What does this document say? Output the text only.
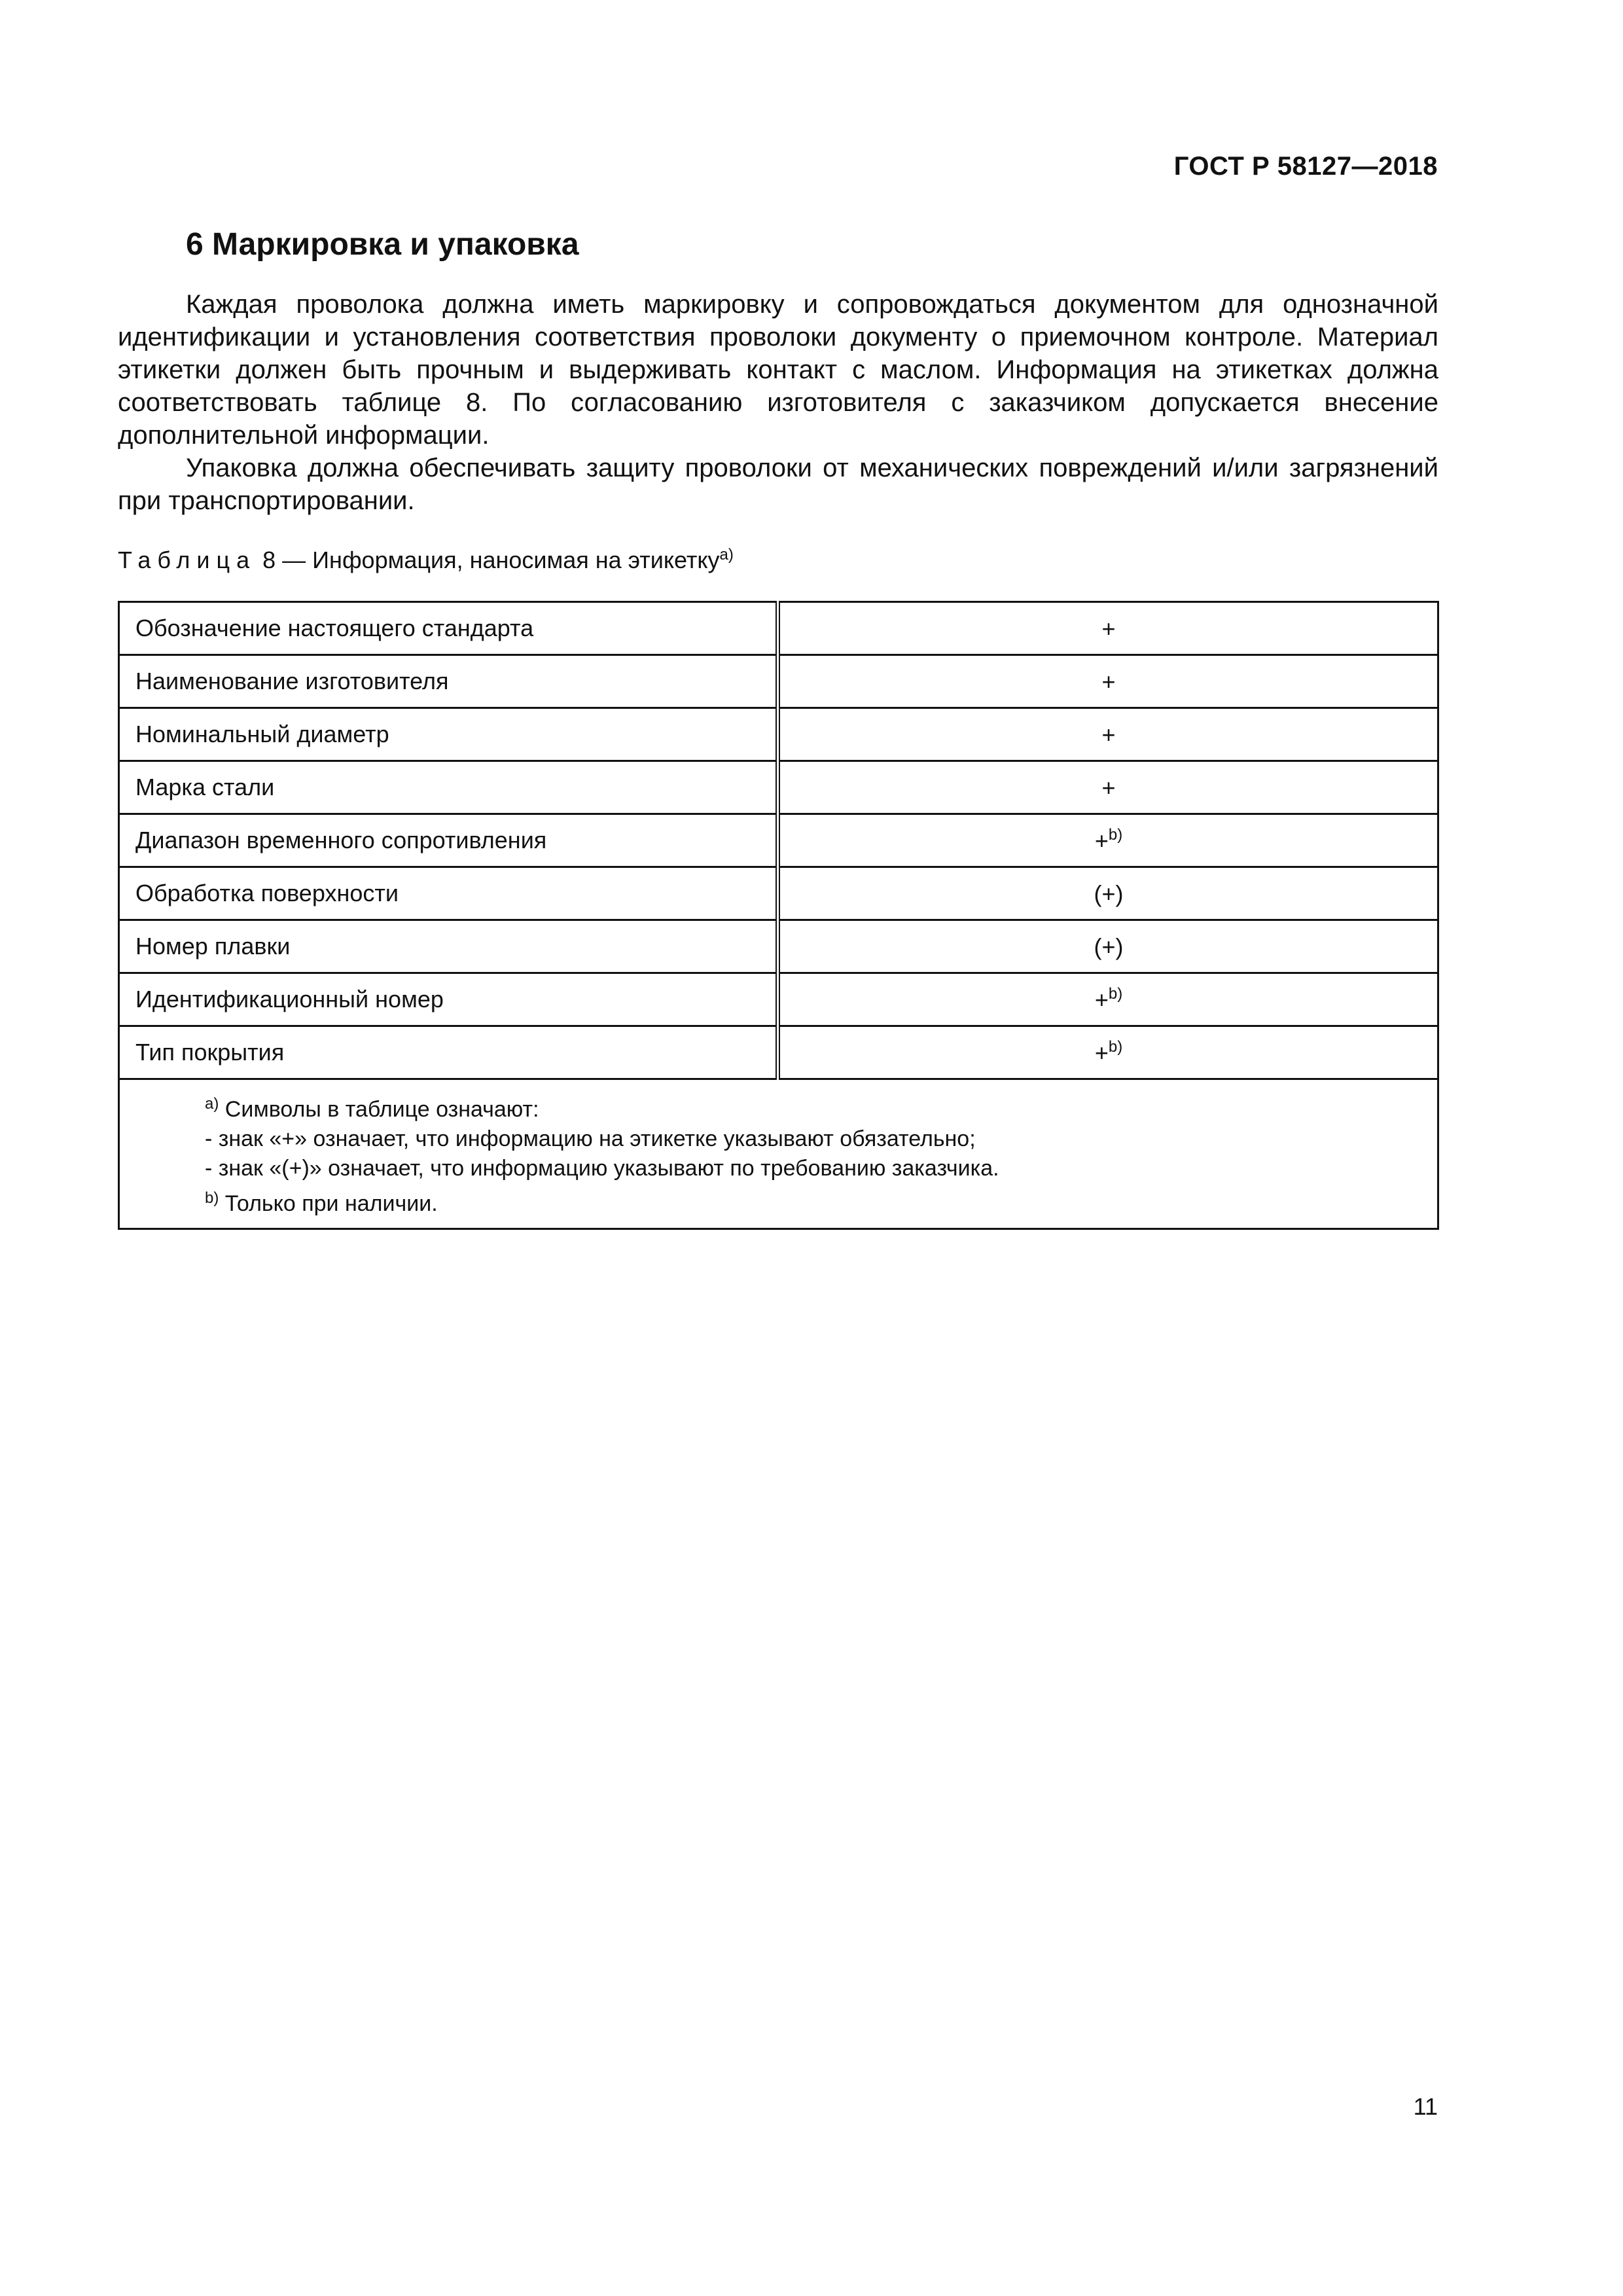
ГОСТ Р 58127—2018
6 Маркировка и упаковка

Каждая проволока должна иметь маркировку и сопровождаться документом для однозначной идентификации и установления соответствия проволоки документу о приемочном контроле. Материал этикетки должен быть прочным и выдерживать контакт с маслом. Информация на этикетках должна соответствовать таблице 8. По согласованию изготовителя с заказчиком допускается внесение дополнительной информации.

Упаковка должна обеспечивать защиту проволоки от механических повреждений и/или загрязнений при транспортировании.

Таблица 8 — Информация, наносимая на этикетку$^{a)}$

Обозначение настоящего стандарта	+
Наименование изготовителя	+
Номинальный диаметр	+
Марка стали	+
Диапазон временного сопротивления	+$^{b)}$
Обработка поверхности	(+)
Номер плавки	(+)
Идентификационный номер	+$^{b)}$
Тип покрытия	+$^{b)}$

$^{a)}$ Символы в таблице означают:
- знак «+» означает, что информацию на этикетке указывают обязательно;
- знак «(+)» означает, что информацию указывают по требованию заказчика.
$^{b)}$ Только при наличии.	
11
